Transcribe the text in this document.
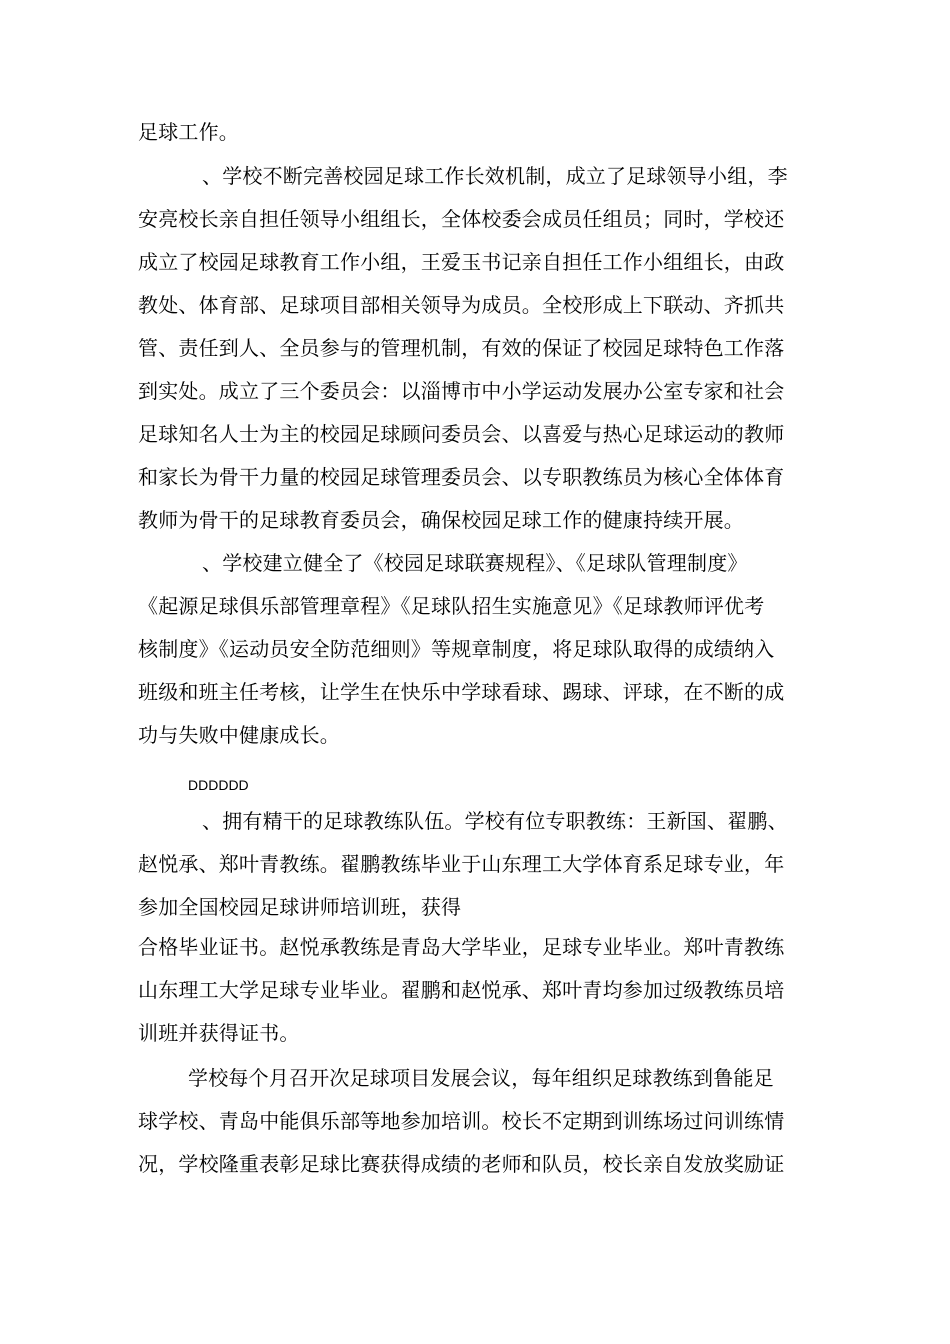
足球工作。
、学校不断完善校园足球工作长效机制，成立了足球领导小组，李
安亮校长亲自担任领导小组组长，全体校委会成员任组员；同时，学校还
成立了校园足球教育工作小组，王爱玉书记亲自担任工作小组组长，由政
教处、体育部、足球项目部相关领导为成员。全校形成上下联动、齐抓共
管、责任到人、全员参与的管理机制，有效的保证了校园足球特色工作落
到实处。成立了三个委员会：以淄博市中小学运动发展办公室专家和社会
足球知名人士为主的校园足球顾问委员会、以喜爱与热心足球运动的教师
和家长为骨干力量的校园足球管理委员会、以专职教练员为核心全体体育
教师为骨干的足球教育委员会，确保校园足球工作的健康持续开展。
、学校建立健全了《校园足球联赛规程》、《足球队管理制度》
《起源足球俱乐部管理章程》《足球队招生实施意见》《足球教师评优考
核制度》《运动员安全防范细则》等规章制度，将足球队取得的成绩纳入
班级和班主任考核，让学生在快乐中学球看球、踢球、评球，在不断的成
功与失败中健康成长。
DDDDDD
、拥有精干的足球教练队伍。学校有位专职教练：王新国、翟鹏、
赵悦承、郑叶青教练。翟鹏教练毕业于山东理工大学体育系足球专业，年
参加全国校园足球讲师培训班，获得
合格毕业证书。赵悦承教练是青岛大学毕业，足球专业毕业。郑叶青教练
山东理工大学足球专业毕业。翟鹏和赵悦承、郑叶青均参加过级教练员培
训班并获得证书。
学校每个月召开次足球项目发展会议，每年组织足球教练到鲁能足
球学校、青岛中能俱乐部等地参加培训。校长不定期到训练场过问训练情
况，学校隆重表彰足球比赛获得成绩的老师和队员，校长亲自发放奖励证
